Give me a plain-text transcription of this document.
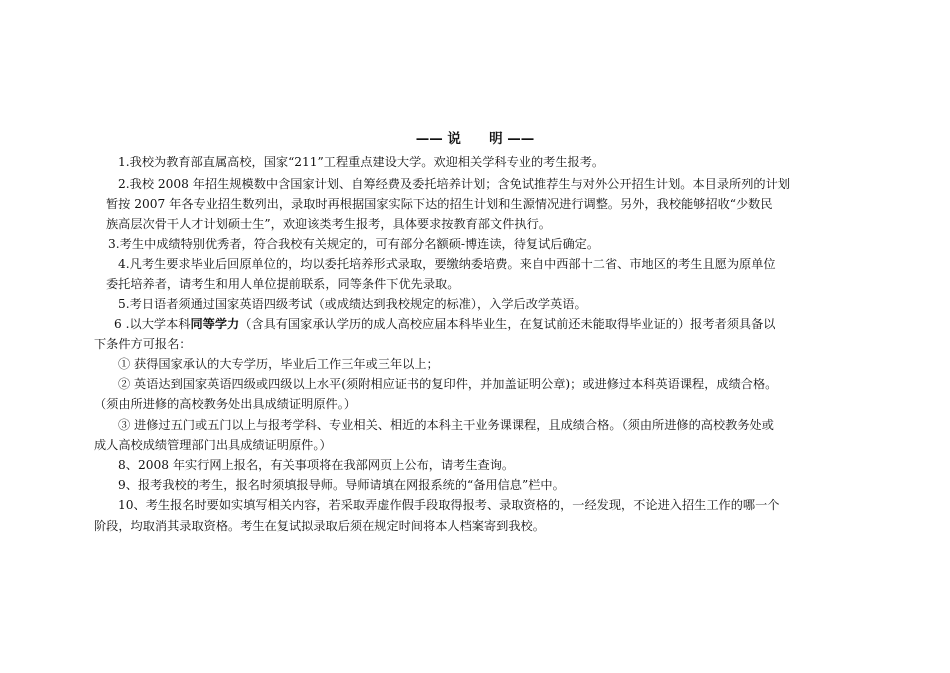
—— 说      明 ——
1.我校为教育部直属高校，国家“211”工程重点建设大学。欢迎相关学科专业的考生报考。
2.我校 2008 年招生规模数中含国家计划、自筹经费及委托培养计划；含免试推荐生与对外公开招生计划。本目录所列的计划
暂按 2007 年各专业招生数列出，录取时再根据国家实际下达的招生计划和生源情况进行调整。另外，我校能够招收“少数民
族高层次骨干人才计划硕士生”，欢迎该类考生报考，具体要求按教育部文件执行。
3.考生中成绩特别优秀者，符合我校有关规定的，可有部分名额硕-博连读，待复试后确定。
4.凡考生要求毕业后回原单位的，均以委托培养形式录取，要缴纳委培费。来自中西部十二省、市地区的考生且愿为原单位
委托培养者，请考生和用人单位提前联系，同等条件下优先录取。
5.考日语者须通过国家英语四级考试（或成绩达到我校规定的标准），入学后改学英语。
6 .以大学本科同等学力（含具有国家承认学历的成人高校应届本科毕业生，在复试前还未能取得毕业证的）报考者须具备以
下条件方可报名：
① 获得国家承认的大专学历，毕业后工作三年或三年以上；
② 英语达到国家英语四级或四级以上水平(须附相应证书的复印件，并加盖证明公章)；或进修过本科英语课程，成绩合格。
（须由所进修的高校教务处出具成绩证明原件。）
③ 进修过五门或五门以上与报考学科、专业相关、相近的本科主干业务课课程，且成绩合格。（须由所进修的高校教务处或
成人高校成绩管理部门出具成绩证明原件。）
8、2008 年实行网上报名，有关事项将在我部网页上公布，请考生查询。
9、报考我校的考生，报名时须填报导师。导师请填在网报系统的“备用信息”栏中。
10、考生报名时要如实填写相关内容，若采取弄虚作假手段取得报考、录取资格的，一经发现，不论进入招生工作的哪一个
阶段，均取消其录取资格。考生在复试拟录取后须在规定时间将本人档案寄到我校。
